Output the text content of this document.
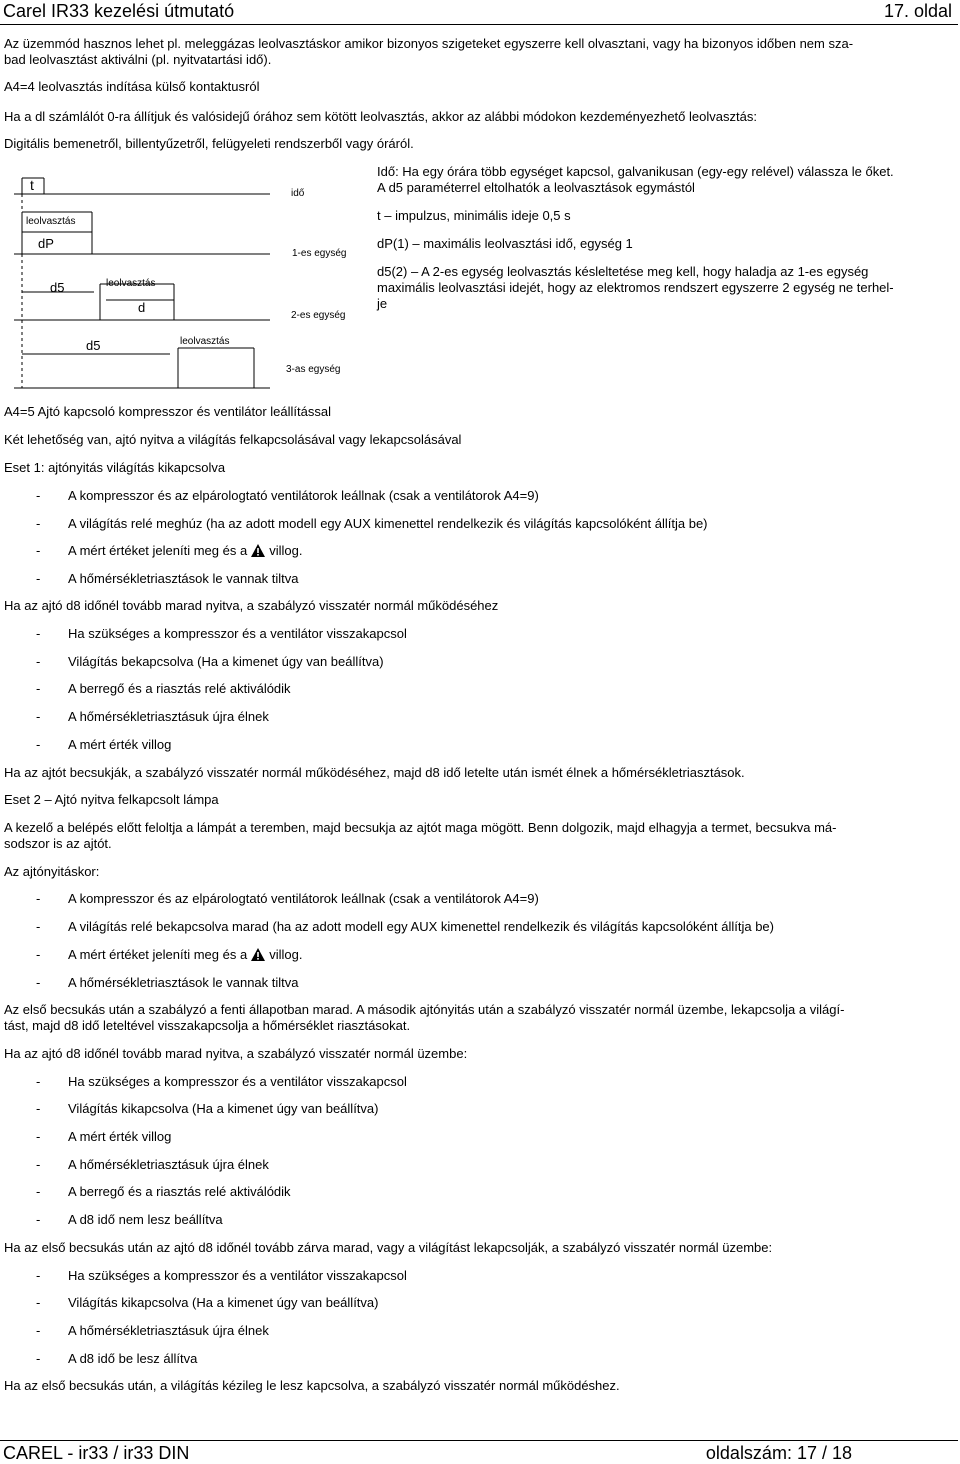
Carel IR33 kezelési útmutató	17. oldal
Az üzemmód hasznos lehet pl. meleggázas leolvasztáskor amikor bizonyos szigeteket egyszerre kell olvasztani, vagy ha bizonyos időben nem sza-
bad leolvasztást aktiválni (pl. nyitvatartási idő).
A4=4 leolvasztás indítása külső kontaktusról
Ha a dl számlálót 0-ra állítjuk és valósidejű órához sem kötött leolvasztás, akkor az alábbi módokon kezdeményezhető leolvasztás:
Digitális bemenetről, billentyűzetről, felügyeleti rendszerből vagy óráról.
t
idő
leolvasztás
dP
1-es egység
leolvasztás
d5
d
2-es egység
leolvasztás
d5
3-as egység
Idő: Ha egy órára több egységet kapcsol, galvanikusan (egy-egy relével) válassza le őket.
A d5 paraméterrel eltolhatók a leolvasztások egymástól
t – impulzus, minimális ideje 0,5 s
dP(1) – maximális leolvasztási idő, egység 1
d5(2) – A 2-es egység leolvasztás késleltetése meg kell, hogy haladja az 1-es egység
maximális leolvasztási idejét, hogy az elektromos rendszert egyszerre 2 egység ne terhel-
je
A4=5 Ajtó kapcsoló kompresszor és ventilátor leállítással
Két lehetőség van, ajtó nyitva a világítás felkapcsolásával vagy lekapcsolásával
Eset 1: ajtónyitás világítás kikapcsolva
- A kompresszor és az elpárologtató ventilátorok leállnak (csak a ventilátorok A4=9)
- A világítás relé meghúz (ha az adott modell egy AUX kimenettel rendelkezik és világítás kapcsolóként állítja be)
- A mért értéket jeleníti meg és a villog.
- A hőmérsékletriasztások le vannak tiltva
Ha az ajtó d8 időnél tovább marad nyitva, a szabályzó visszatér normál működéséhez
- Ha szükséges a kompresszor és a ventilátor visszakapcsol
- Világítás bekapcsolva (Ha a kimenet úgy van beállítva)
- A berregő és a riasztás relé aktiválódik
- A hőmérsékletriasztásuk újra élnek
- A mért érték villog
Ha az ajtót becsukják, a szabályzó visszatér normál működéséhez, majd d8 idő letelte után ismét élnek a hőmérsékletriasztások.
Eset 2 – Ajtó nyitva felkapcsolt lámpa
A kezelő a belépés előtt feloltja a lámpát a teremben, majd becsukja az ajtót maga mögött. Benn dolgozik, majd elhagyja a termet, becsukva má-
sodszor is az ajtót.
Az ajtónyitáskor:
- A kompresszor és az elpárologtató ventilátorok leállnak (csak a ventilátorok A4=9)
- A világítás relé bekapcsolva marad (ha az adott modell egy AUX kimenettel rendelkezik és világítás kapcsolóként állítja be)
- A mért értéket jeleníti meg és a villog.
- A hőmérsékletriasztások le vannak tiltva
Az első becsukás után a szabályzó a fenti állapotban marad. A második ajtónyitás után a szabályzó visszatér normál üzembe, lekapcsolja a világí-
tást, majd d8 idő leteltével visszakapcsolja a hőmérséklet riasztásokat.
Ha az ajtó d8 időnél tovább marad nyitva, a szabályzó visszatér normál üzembe:
- Ha szükséges a kompresszor és a ventilátor visszakapcsol
- Világítás kikapcsolva (Ha a kimenet úgy van beállítva)
- A mért érték villog
- A hőmérsékletriasztásuk újra élnek
- A berregő és a riasztás relé aktiválódik
- A d8 idő nem lesz beállítva
Ha az első becsukás után az ajtó d8 időnél tovább zárva marad, vagy a világítást lekapcsolják, a szabályzó visszatér normál üzembe:
- Ha szükséges a kompresszor és a ventilátor visszakapcsol
- Világítás kikapcsolva (Ha a kimenet úgy van beállítva)
- A hőmérsékletriasztásuk újra élnek
- A d8 idő be lesz állítva
Ha az első becsukás után, a világítás kézileg le lesz kapcsolva, a szabályzó visszatér normál működéshez.
CAREL - ir33 / ir33 DIN	oldalszám: 17 / 18
